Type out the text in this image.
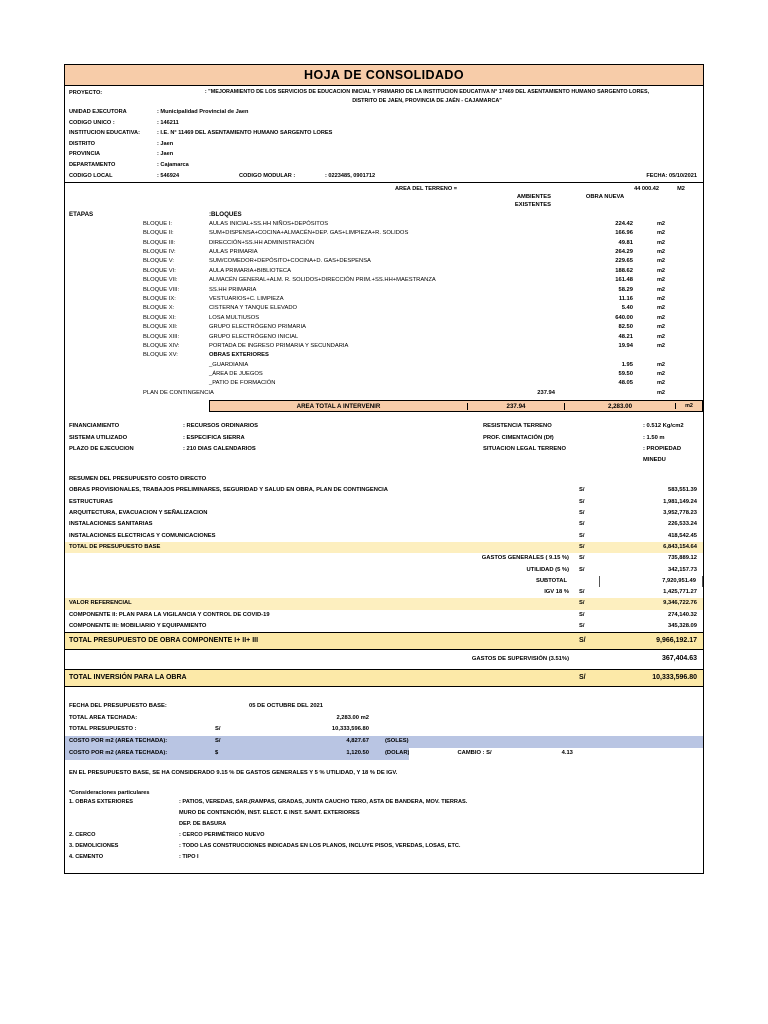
HOJA DE CONSOLIDADO
PROYECTO:	: "MEJORAMIENTO DE LOS SERVICIOS DE EDUCACION INICIAL Y PRIMARIO DE LA INSTITUCION EDUCATIVA N° 17469 DEL ASENTAMIENTO HUMANO SARGENTO LORES,
DISTRITO DE JAEN, PROVINCIA DE JAÉN - CAJAMARCA"
UNIDAD EJECUTORA	: Municipalidad Provincial de Jaen
CODIGO UNICO :	: 146211
INSTITUCION EDUCATIVA:	: I.E. N° 11469 DEL ASENTAMIENTO HUMANO SARGENTO LORES
DISTRITO	: Jaen
PROVINCIA	: Jaen
DEPARTAMENTO	: Cajamarca
CODIGO LOCAL	: 546924	CODIGO MODULAR :	: 0223485, 0901712	FECHA: 05/10/2021
AREA DEL TERRENO =	44 000.42	M2
AMBIENTES
EXISTENTES
OBRA NUEVA
ETAPAS	:BLOQUES
BLOQUE I:	AULAS INICIAL+SS.HH NIÑOS+DEPÓSITOS	224.42	m2
BLOQUE II:	SUM+DISPENSA+COCINA+ALMACÉN+DEP. GAS+LIMPIEZA+R. SOLIDOS	166.96	m2
BLOQUE III:	DIRECCIÓN+SS.HH ADMINISTRACIÓN	49.81	m2
BLOQUE IV:	AULAS PRIMARIA	264.29	m2
BLOQUE V:	SUM/COMEDOR+DEPÓSITO+COCINA+D. GAS+DESPENSA	229.65	m2
BLOQUE VI:	AULA PRIMARIA+BIBLIOTECA	188.62	m2
BLOQUE VII:	ALMACÉN GENERAL+ALM. R. SOLIDOS+DIRECCIÓN PRIM.+SS.HH+MAESTRANZA	161.48	m2
BLOQUE VIII:	SS.HH PRIMARIA	58.29	m2
BLOQUE IX:	VESTUARIOS+C. LIMPIEZA	11.16	m2
BLOQUE X:	CISTERNA Y TANQUE ELEVADO	5.40	m2
BLOQUE XI:	LOSA MULTIUSOS	640.00	m2
BLOQUE XII:	GRUPO ELECTRÓGENO PRIMARIA	82.50	m2
BLOQUE XIII:	GRUPO ELECTRÓGENO INICIAL	48.21	m2
BLOQUE XIV:	PORTADA DE INGRESO PRIMARIA Y SECUNDARIA	19.94	m2
BLOQUE XV:	OBRAS EXTERIORES
_GUARDIANIA	1.95	m2
_ÁREA DE JUEGOS	59.50	m2
_PATIO DE FORMACIÓN	48.05	m2
PLAN DE CONTINGENCIA	237.94	m2
AREA TOTAL A INTERVENIR	237.94	2,283.00	m2
FINANCIAMIENTO	: RECURSOS ORDINARIOS	RESISTENCIA TERRENO	: 0.512 Kg/cm2
SISTEMA UTILIZADO	: ESPECIFICA SIERRA	PROF. CIMENTACIÓN (Df)	: 1.50 m
PLAZO DE EJECUCION	: 210 DIAS CALENDARIOS	SITUACION LEGAL TERRENO	: PROPIEDAD MINEDU
RESUMEN DEL PRESUPUESTO COSTO DIRECTO
OBRAS PROVISIONALES, TRABAJOS PRELIMINARES, SEGURIDAD Y SALUD EN OBRA, PLAN DE CONTINGENCIA	S/	583,551.39
ESTRUCTURAS	S/	1,981,149.24
ARQUITECTURA, EVACUACION Y SEÑALIZACION	S/	3,952,778.23
INSTALACIONES SANITARIAS	S/	226,533.24
INSTALACIONES ELECTRICAS Y COMUNICACIONES	S/	418,542.45
TOTAL DE PRESUPUESTO BASE	S/	6,843,154.64
GASTOS GENERALES ( 9.15 %)	S/	735,889.12
UTILIDAD (5 %)	S/	342,157.73
SUBTOTAL	7,920,951.49
IGV 18 %	S/	1,425,771.27
VALOR REFERENCIAL	S/	9,346,722.76
COMPONENTE II: PLAN PARA LA VIGILANCIA Y CONTROL DE COVID-19	S/	274,140.32
COMPONENTE III: MOBILIARIO Y EQUIPAMIENTO	S/	345,328.09
TOTAL PRESUPUESTO DE OBRA COMPONENTE I+ II+ III	S/	9,966,192.17
GASTOS DE SUPERVISIÓN (3.51%)	367,404.63
TOTAL INVERSIÓN PARA LA OBRA	S/	10,333,596.80
FECHA DEL PRESUPUESTO BASE:	05 DE OCTUBRE DEL 2021
TOTAL AREA TECHADA:	2,283.00 m2
TOTAL PRESUPUESTO :	S/	10,333,596.80
COSTO POR m2 (AREA TECHADA):	S/	4,827.67	(SOLES)
COSTO POR m2 (AREA TECHADA):	$	1,120.50	(DOLAR)	CAMBIO : S/	4.13
EN EL PRESUPUESTO BASE, SE HA CONSIDERADO 9.15 % DE GASTOS GENERALES Y 5 % UTILIDAD, Y 18 % DE IGV.
*Consideraciones particulares
1. OBRAS EXTERIORES	: PATIOS, VEREDAS, SAR.(RAMPAS, GRADAS, JUNTA CAUCHO TERO, ASTA DE BANDERA, MOV. TIERRAS.
MURO DE CONTENCIÓN, INST. ELECT. E INST. SANIT. EXTERIORES
DEP. DE BASURA
2. CERCO	: CERCO PERIMÉTRICO NUEVO
3. DEMOLICIONES	: TODO LAS CONSTRUCCIONES INDICADAS EN LOS PLANOS, INCLUYE PISOS, VEREDAS, LOSAS, ETC.
4. CEMENTO	: TIPO I
